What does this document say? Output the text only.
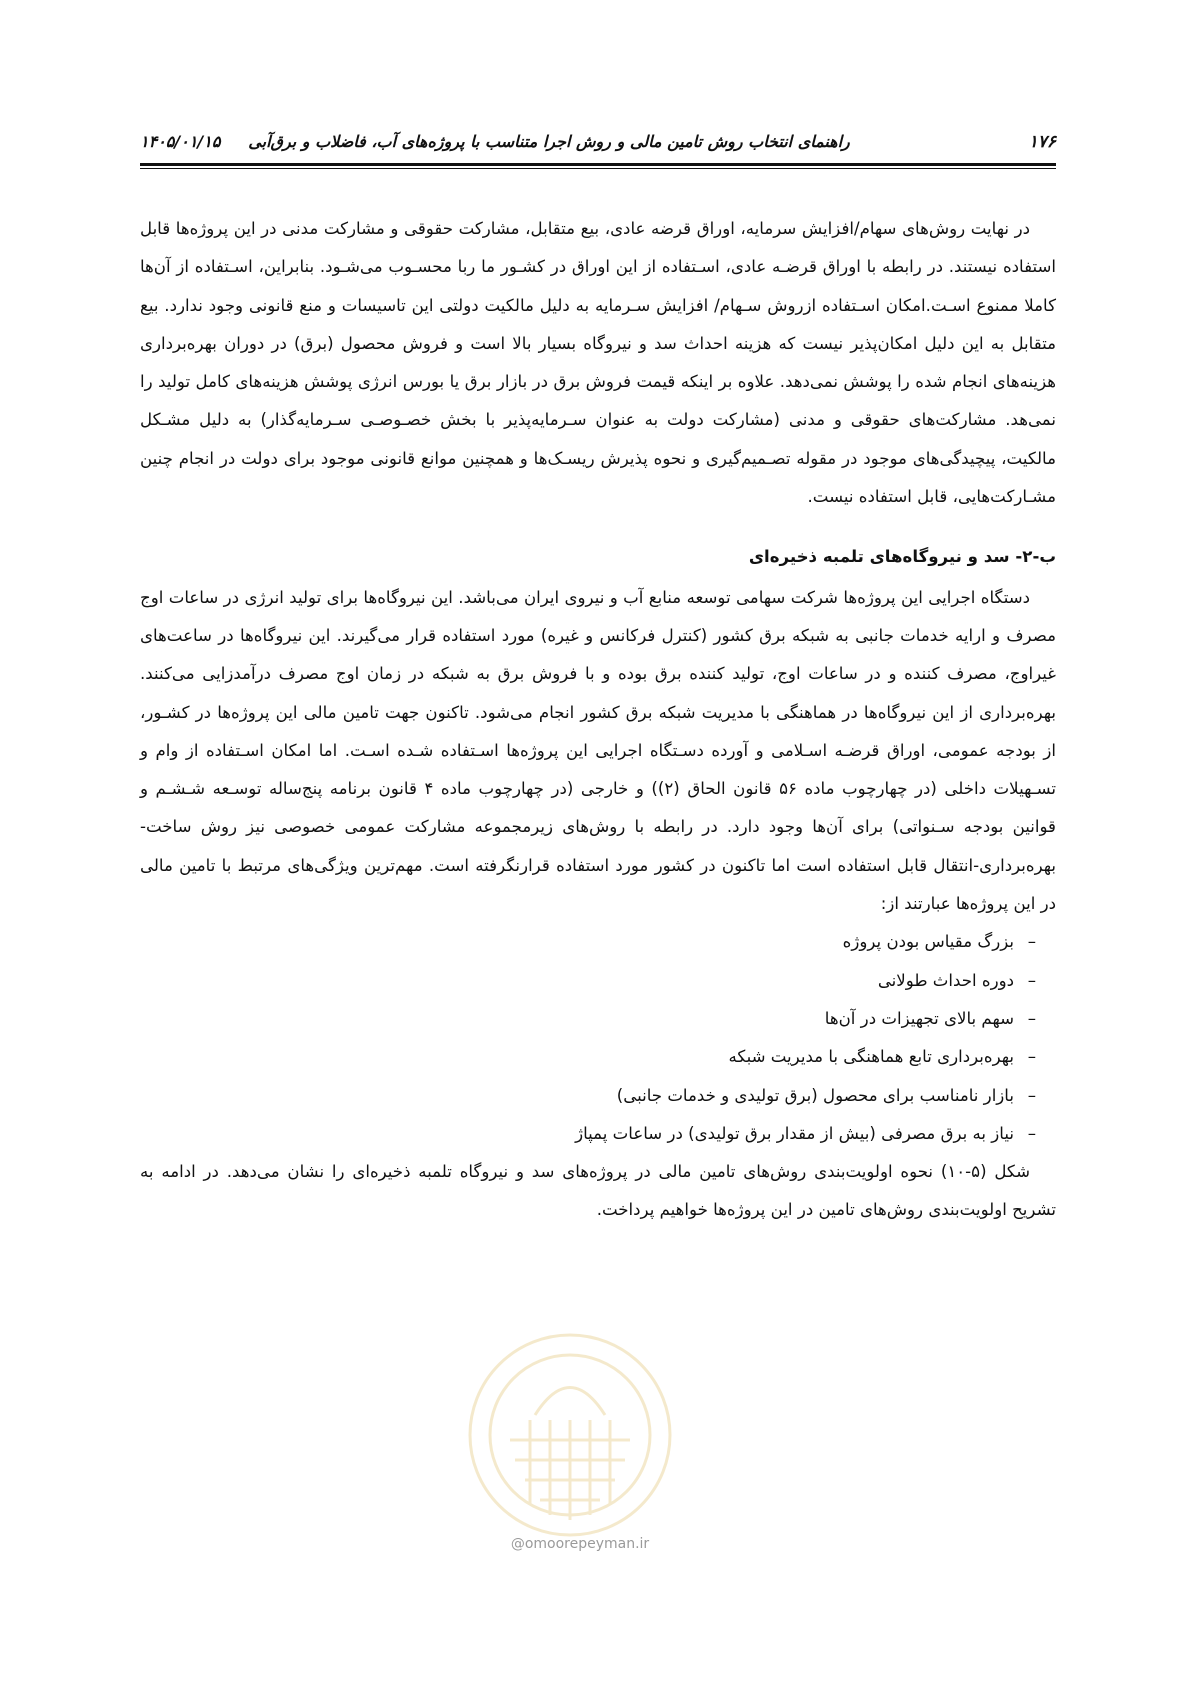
۱۷۶
راهنمای انتخاب روش تامین مالی و روش اجرا متناسب با پروژه‌های آب، فاضلاب و برق‌آبی     ۱۴۰۵/۰۱/۱۵

در نهایت روش‌های سهام/افزایش سرمایه، اوراق قرضه عادی، بیع متقابل، مشارکت حقوقی و مشارکت مدنی در این پروژه‌ها قابل استفاده نیستند. در رابطه با اوراق قرضـه عادی، اسـتفاده از این اوراق در کشـور ما ربا محسـوب می‌شـود. بنابراین، اسـتفاده از آن‌ها کاملا ممنوع اسـت.امکان اسـتفاده ازروش سـهام/ افزایش سـرمایه به دلیل مالکیت دولتی این تاسیسات و منع قانونی وجود ندارد. بیع متقابل به این دلیل امکان‌پذیر نیست که هزینه احداث سد و نیروگاه بسیار بالا است و فروش محصول (برق) در دوران بهره‌برداری هزینه‌های انجام شده را پوشش نمی‌دهد. علاوه بر اینکه قیمت فروش برق در بازار برق یا بورس انرژی پوشش هزینه‌های کامل تولید را نمی‌هد. مشارکت‌های حقوقی و مدنی (مشارکت دولت به عنوان سـرمایه‌پذیر با بخش خصـوصـی سـرمایه‌گذار) به دلیل مشـکل مالکیت، پیچیدگی‌های موجود در مقوله تصـمیم‌گیری و نحوه پذیرش ریسـک‌ها و همچنین موانع قانونی موجود برای دولت در انجام چنین مشـارکت‌هایی، قابل استفاده نیست.

ب-۲- سد و نیروگاه‌های تلمبه ذخیره‌ای

دستگاه اجرایی این پروژه‌ها شرکت سهامی توسعه منابع آب و نیروی ایران می‌باشد. این نیروگاه‌ها برای تولید انرژی در ساعات اوج مصرف و ارایه خدمات جانبی به شبکه برق کشور (کنترل فرکانس و غیره) مورد استفاده قرار می‌گیرند. این نیروگاه‌ها در ساعت‌های غیراوج، مصرف کننده و در ساعات اوج، تولید کننده برق بوده و با فروش برق به شبکه در زمان اوج مصرف درآمدزایی می‌کنند. بهره‌برداری از این نیروگاه‌ها در هماهنگی با مدیریت شبکه برق کشور انجام می‌شود. تاکنون جهت تامین مالی این پروژه‌ها در کشـور، از بودجه عمومی، اوراق قرضـه اسـلامی و آورده دسـتگاه اجرایی این پروژه‌ها اسـتفاده شـده اسـت. اما امکان اسـتفاده از وام و تسـهیلات داخلی (در چهارچوب ماده ۵۶ قانون الحاق (۲)) و خارجی (در چهارچوب ماده ۴ قانون برنامه پنج‌ساله توسـعه شـشـم و قوانین بودجه سـنواتی) برای آن‌ها وجود دارد. در رابطه با روش‌های زیرمجموعه مشارکت عمومی خصوصی نیز روش ساخت-بهره‌برداری-انتقال قابل استفاده است اما تاکنون در کشور مورد استفاده قرارنگرفته است. مهم‌ترین ویژگی‌های مرتبط با تامین مالی در این پروژه‌ها عبارتند از:

–
بزرگ مقیاس بودن پروژه
–
دوره احداث طولانی
–
سهم بالای تجهیزات در آن‌ها
–
بهره‌برداری تابع هماهنگی با مدیریت شبکه
–
بازار نامناسب برای محصول (برق تولیدی و خدمات جانبی)
–
نیاز به برق مصرفی (بیش از مقدار برق تولیدی) در ساعات پمپاژ

شکل (۵-۱۰) نحوه اولویت‌بندی روش‌های تامین مالی در پروژه‌های سد و نیروگاه تلمبه ذخیره‌ای را نشان می‌دهد. در ادامه به تشریح اولویت‌بندی روش‌های تامین در این پروژه‌ها خواهیم پرداخت.

@omoorepeyman.ir
